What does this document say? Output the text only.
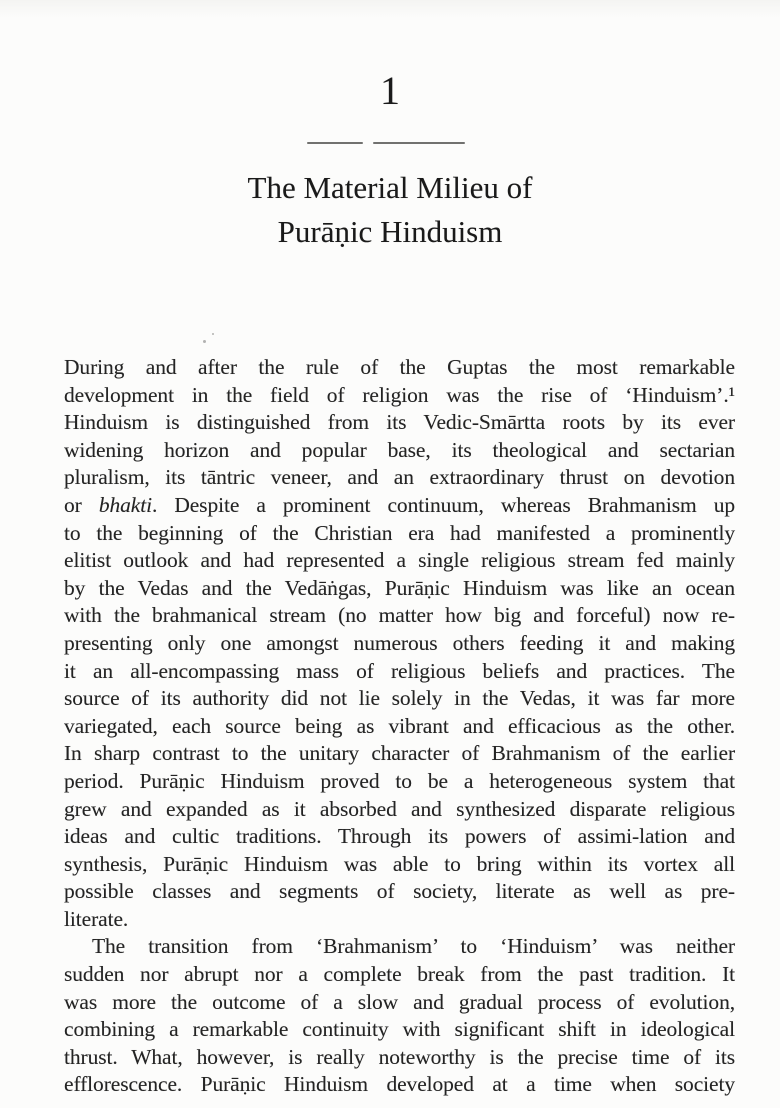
1
The Material Milieu of
Purāṇic Hinduism
During and after the rule of the Guptas the most remarkable
development in the field of religion was the rise of ‘Hinduism’.¹
Hinduism is distinguished from its Vedic-Smārtta roots by its ever
widening horizon and popular base, its theological and sectarian
pluralism, its tāntric veneer, and an extraordinary thrust on devotion
or bhakti. Despite a prominent continuum, whereas Brahmanism up
to the beginning of the Christian era had manifested a prominently
elitist outlook and had represented a single religious stream fed mainly
by the Vedas and the Vedāṅgas, Purāṇic Hinduism was like an ocean
with the brahmanical stream (no matter how big and forceful) now re-
presenting only one amongst numerous others feeding it and making
it an all-encompassing mass of religious beliefs and practices. The
source of its authority did not lie solely in the Vedas, it was far more
variegated, each source being as vibrant and efficacious as the other.
In sharp contrast to the unitary character of Brahmanism of the earlier
period. Purāṇic Hinduism proved to be a heterogeneous system that
grew and expanded as it absorbed and synthesized disparate religious
ideas and cultic traditions. Through its powers of assimi-lation and
synthesis, Purāṇic Hinduism was able to bring within its vortex all
possible classes and segments of society, literate as well as pre-
literate.
The transition from ‘Brahmanism’ to ‘Hinduism’ was neither
sudden nor abrupt nor a complete break from the past tradition. It
was more the outcome of a slow and gradual process of evolution,
combining a remarkable continuity with significant shift in ideological
thrust. What, however, is really noteworthy is the precise time of its
efflorescence. Purāṇic Hinduism developed at a time when society
